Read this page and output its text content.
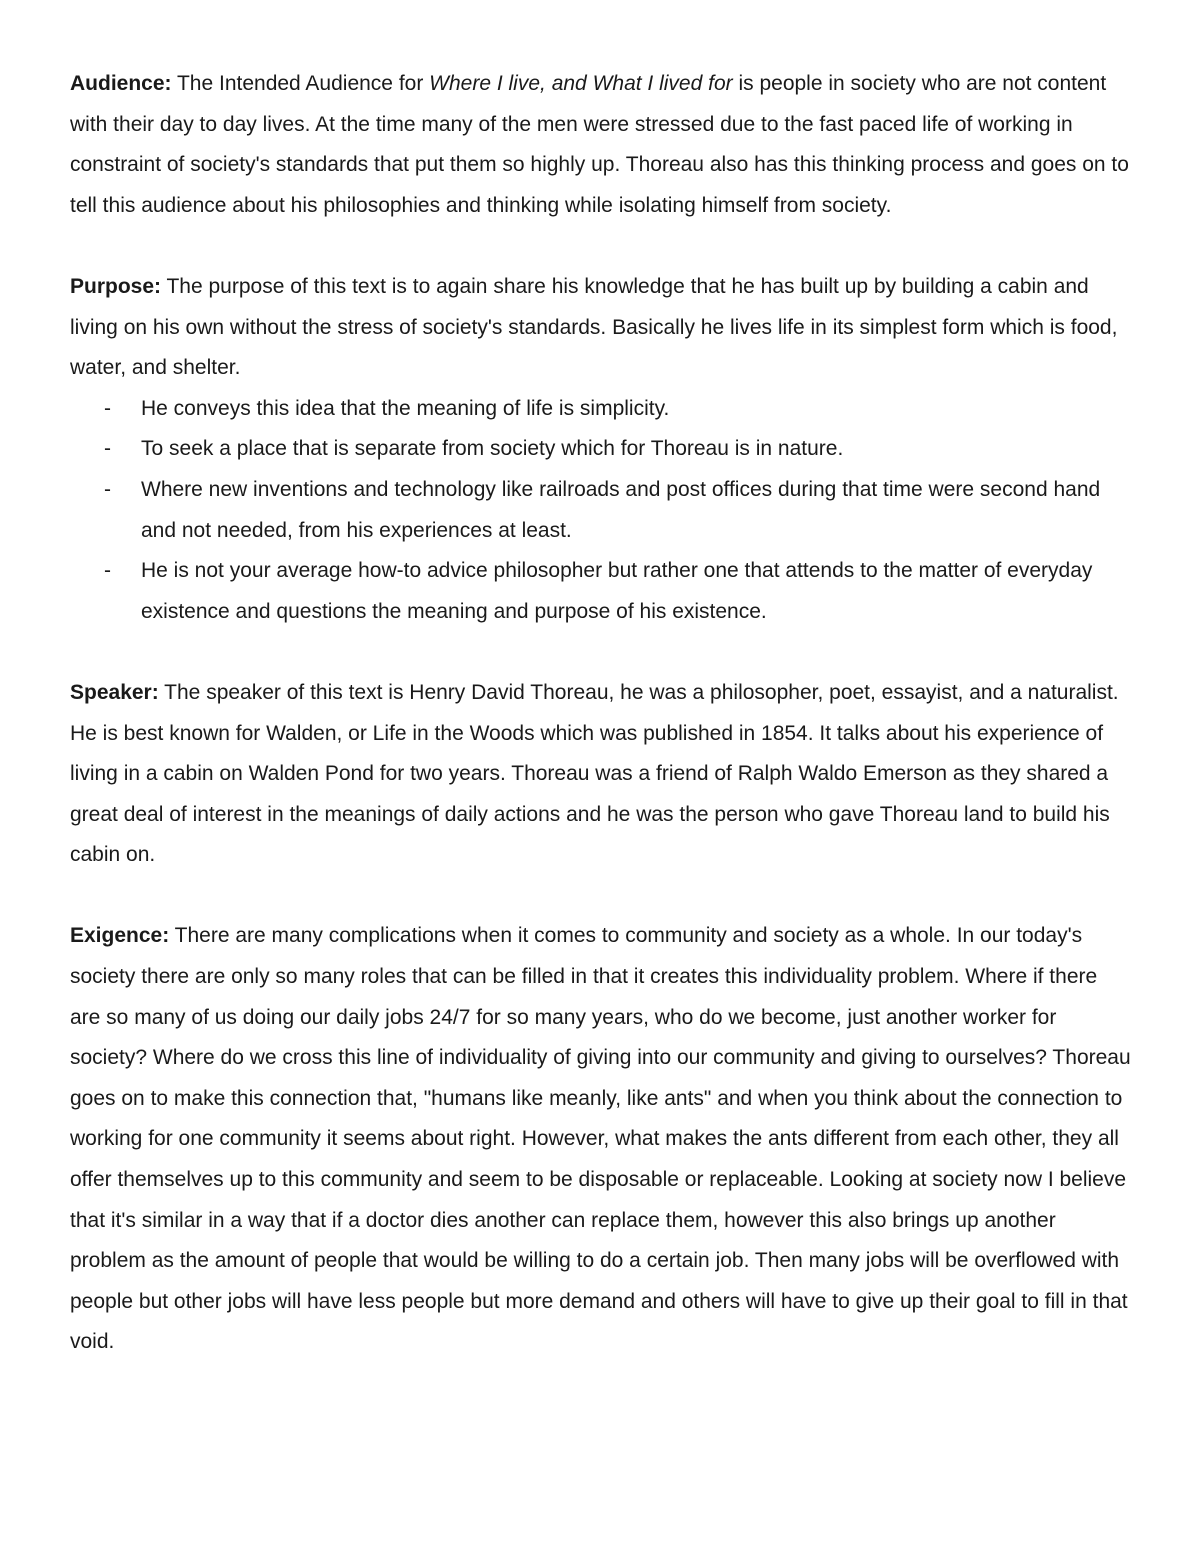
Audience: The Intended Audience for Where I live, and What I lived for is people in society who are not content with their day to day lives. At the time many of the men were stressed due to the fast paced life of working in constraint of society's standards that put them so highly up. Thoreau also has this thinking process and goes on to tell this audience about his philosophies and thinking while isolating himself from society.

Purpose: The purpose of this text is to again share his knowledge that he has built up by building a cabin and living on his own without the stress of society's standards. Basically he lives life in its simplest form which is food, water, and shelter.

- He conveys this idea that the meaning of life is simplicity.
- To seek a place that is separate from society which for Thoreau is in nature.
- Where new inventions and technology like railroads and post offices during that time were second hand and not needed, from his experiences at least.
- He is not your average how-to advice philosopher but rather one that attends to the matter of everyday existence and questions the meaning and purpose of his existence.

Speaker: The speaker of this text is Henry David Thoreau, he was a philosopher, poet, essayist, and a naturalist. He is best known for Walden, or Life in the Woods which was published in 1854. It talks about his experience of living in a cabin on Walden Pond for two years. Thoreau was a friend of Ralph Waldo Emerson as they shared a great deal of interest in the meanings of daily actions and he was the person who gave Thoreau land to build his cabin on.

Exigence: There are many complications when it comes to community and society as a whole. In our today's society there are only so many roles that can be filled in that it creates this individuality problem. Where if there are so many of us doing our daily jobs 24/7 for so many years, who do we become, just another worker for society? Where do we cross this line of individuality of giving into our community and giving to ourselves? Thoreau goes on to make this connection that, "humans like meanly, like ants" and when you think about the connection to working for one community it seems about right. However, what makes the ants different from each other, they all offer themselves up to this community and seem to be disposable or replaceable. Looking at society now I believe that it's similar in a way that if a doctor dies another can replace them, however this also brings up another problem as the amount of people that would be willing to do a certain job. Then many jobs will be overflowed with people but other jobs will have less people but more demand and others will have to give up their goal to fill in that void.
